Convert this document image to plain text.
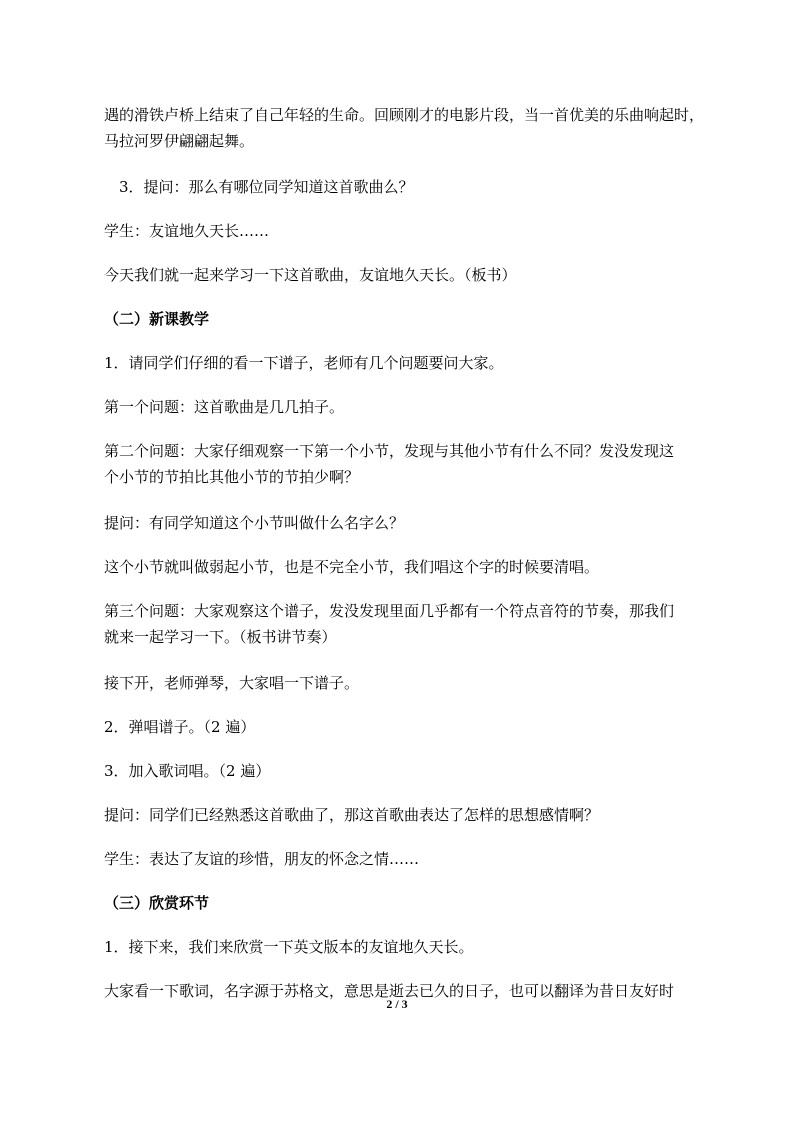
遇的滑铁卢桥上结束了自己年轻的生命。回顾刚才的电影片段，当一首优美的乐曲响起时，
马拉河罗伊翩翩起舞。
3．提问：那么有哪位同学知道这首歌曲么？
学生：友谊地久天长……
今天我们就一起来学习一下这首歌曲，友谊地久天长。（板书）
（二）新课教学
1．请同学们仔细的看一下谱子，老师有几个问题要问大家。
第一个问题：这首歌曲是几几拍子。
第二个问题：大家仔细观察一下第一个小节，发现与其他小节有什么不同？发没发现这
个小节的节拍比其他小节的节拍少啊？
提问：有同学知道这个小节叫做什么名字么？
这个小节就叫做弱起小节，也是不完全小节，我们唱这个字的时候要清唱。
第三个问题：大家观察这个谱子，发没发现里面几乎都有一个符点音符的节奏，那我们
就来一起学习一下。（板书讲节奏）
接下开，老师弹琴，大家唱一下谱子。
2．弹唱谱子。（2 遍）
3．加入歌词唱。（2 遍）
提问：同学们已经熟悉这首歌曲了，那这首歌曲表达了怎样的思想感情啊？
学生：表达了友谊的珍惜，朋友的怀念之情……
（三）欣赏环节
1．接下来，我们来欣赏一下英文版本的友谊地久天长。
大家看一下歌词，名字源于苏格文，意思是逝去已久的日子，也可以翻译为昔日友好时
2 / 3
